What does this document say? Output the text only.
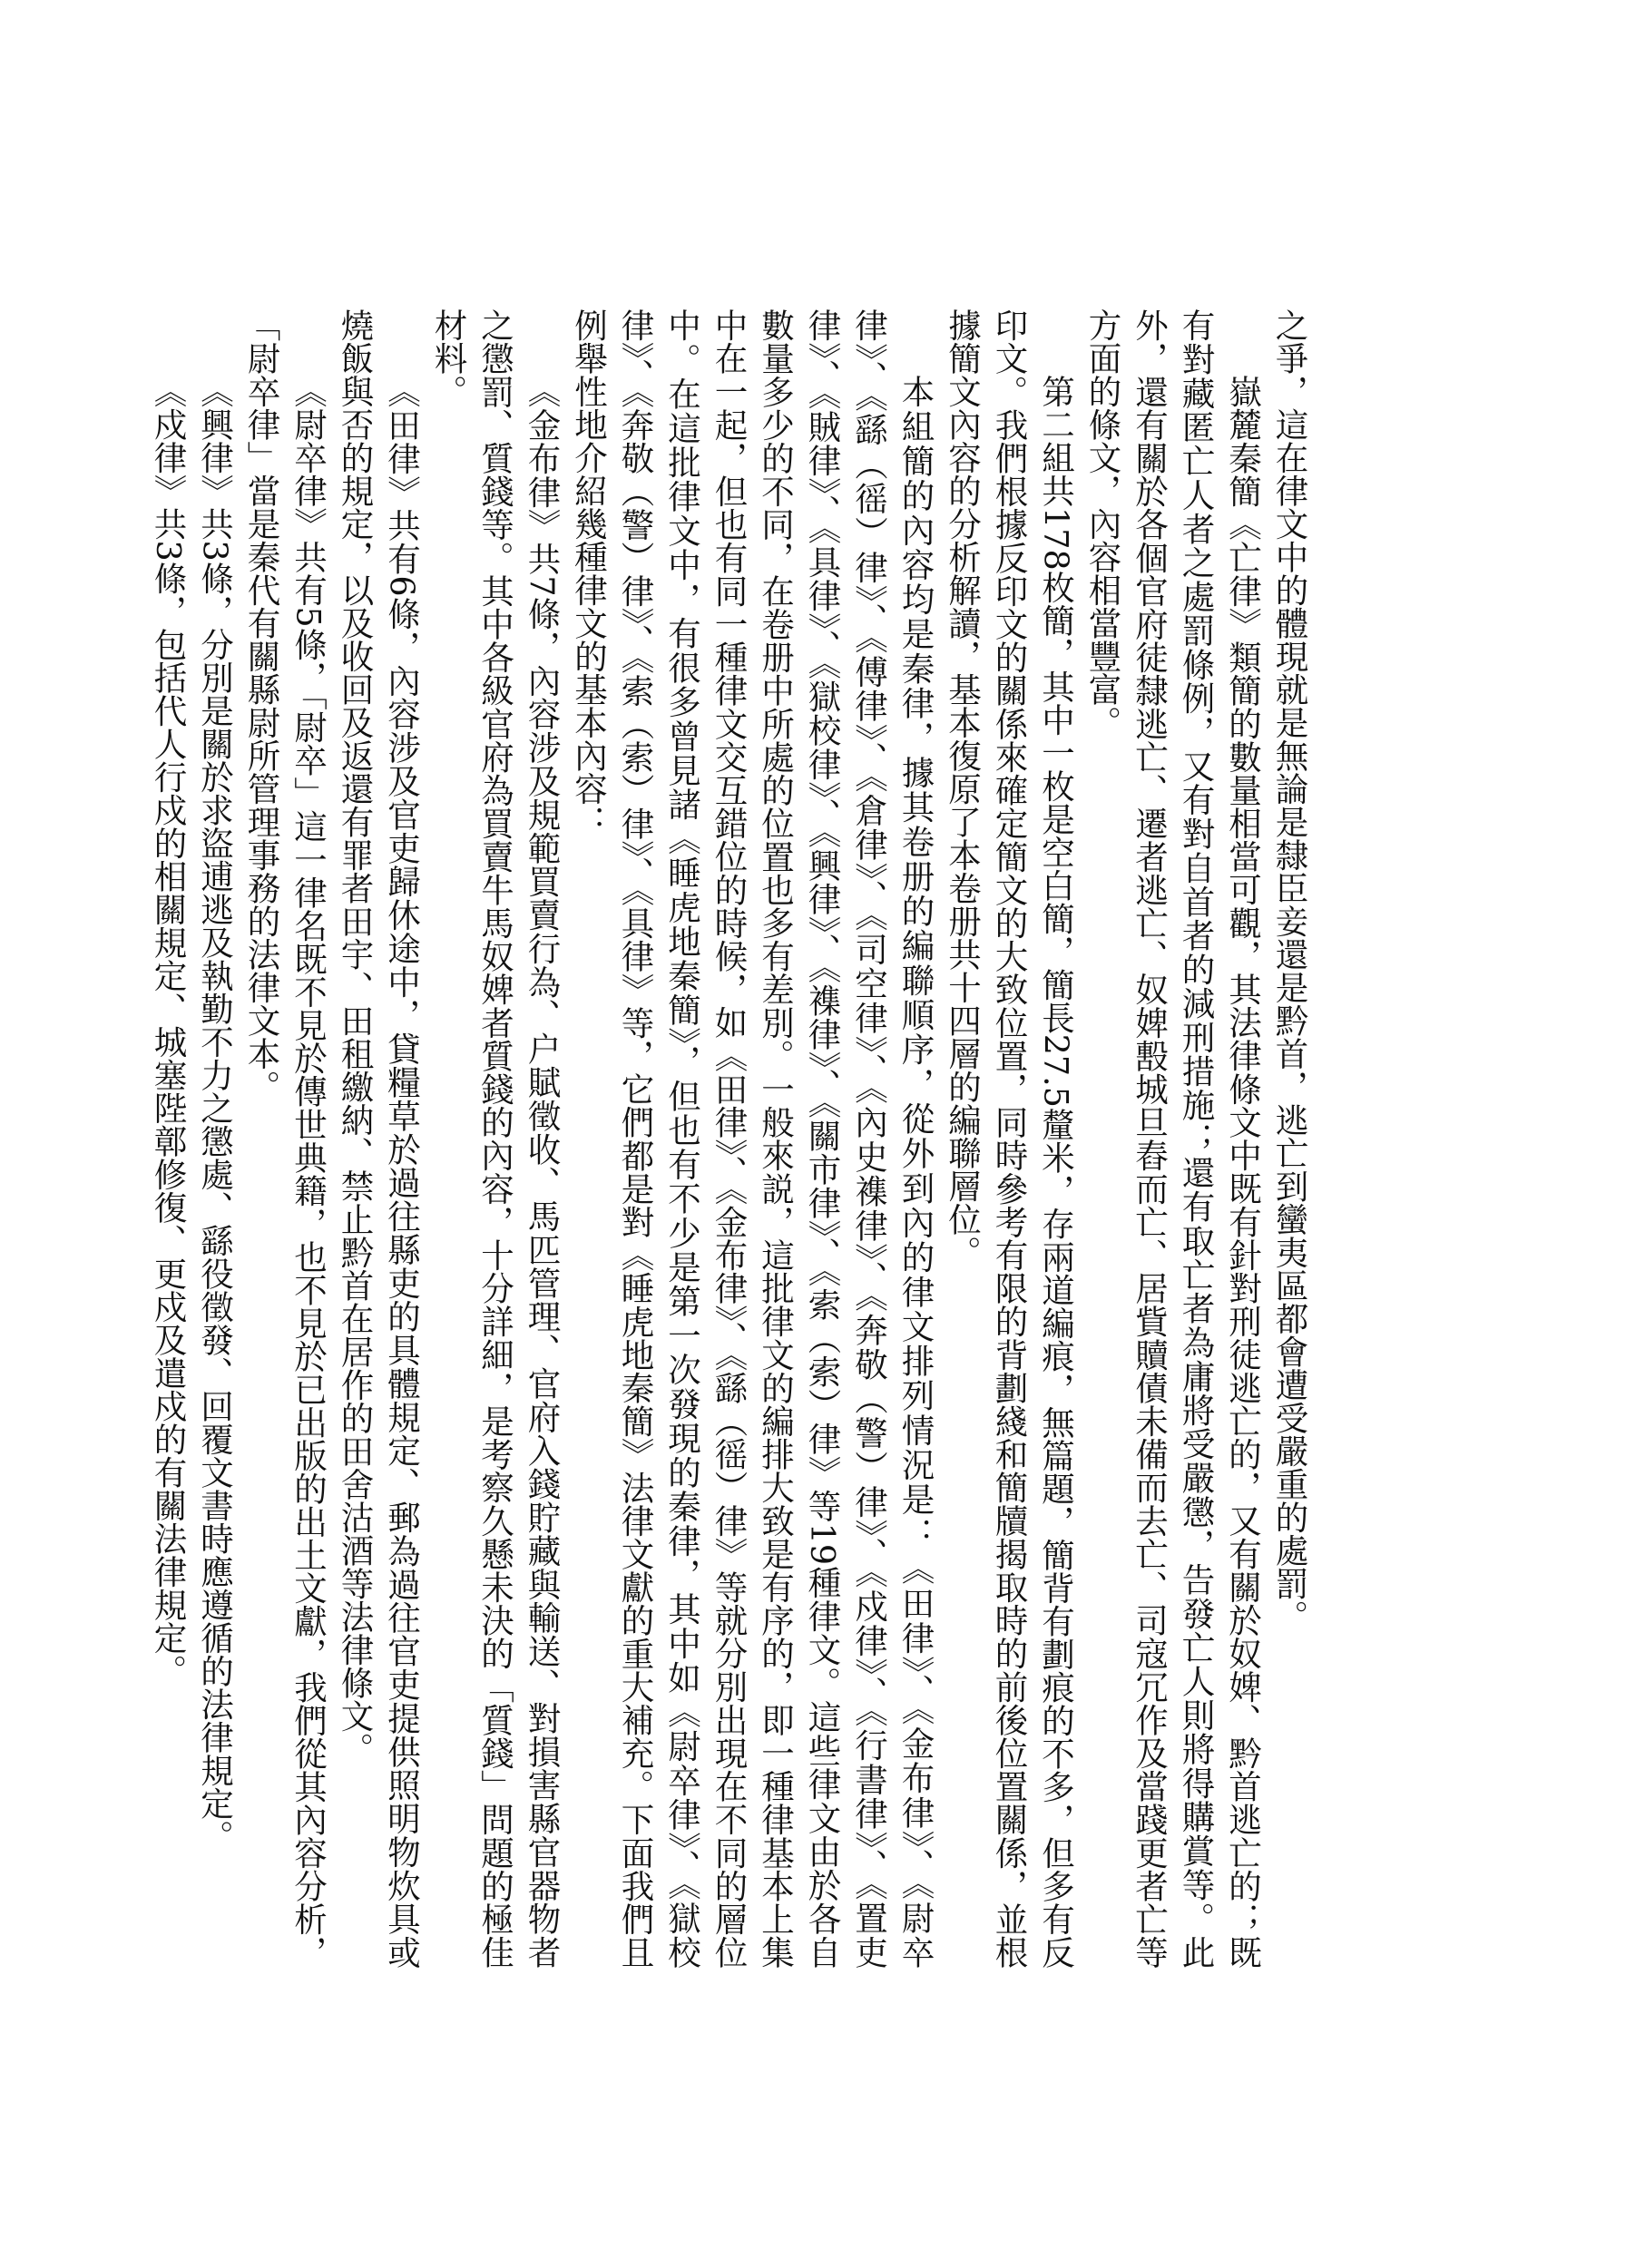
之爭，這在律文中的體現就是無論是隸臣妾還是黔首，逃亡到蠻夷區都會遭受嚴重的處罰。

嶽麓秦簡《亡律》類簡的數量相當可觀，其法律條文中既有針對刑徒逃亡的，又有關於奴婢、黔首逃亡的；既有對藏匿亡人者之處罰條例，又有對自首者的減刑措施；還有取亡者為庸將受嚴懲，告發亡人則將得購賞等。此外，還有關於各個官府徒隸逃亡、遷者逃亡、奴婢毄城旦舂而亡、居貲贖債未備而去亡、司寇冗作及當踐更者亡等方面的條文，內容相當豐富。

第二組共178枚簡，其中一枚是空白簡，簡長27.5釐米，存兩道編痕，無篇題，簡背有劃痕的不多，但多有反印文。我們根據反印文的關係來確定簡文的大致位置，同時參考有限的背劃綫和簡牘揭取時的前後位置關係，並根據簡文內容的分析解讀，基本復原了本卷册共十四層的編聯層位。

本組簡的內容均是秦律，據其卷册的編聯順序，從外到內的律文排列情況是：《田律》、《金布律》、《尉卒律》、《繇（徭）律》、《傅律》、《倉律》、《司空律》、《內史襍律》、《奔敬（警）律》、《戍律》、《行書律》、《置吏律》、《賊律》、《具律》、《獄校律》、《興律》、《襍律》、《關市律》、《索（索）律》等19種律文。這些律文由於各自數量多少的不同，在卷册中所處的位置也多有差別。一般來説，這批律文的編排大致是有序的，即一種律基本上集中在一起，但也有同一種律文交互錯位的時候，如《田律》、《金布律》、《繇（徭）律》等就分別出現在不同的層位中。在這批律文中，有很多曾見諸《睡虎地秦簡》，但也有不少是第一次發現的秦律，其中如《尉卒律》、《獄校律》、《奔敬（警）律》、《索（索）律》、《具律》等，它們都是對《睡虎地秦簡》法律文獻的重大補充。下面我們且例舉性地介紹幾種律文的基本內容：

《金布律》共7條，內容涉及規範買賣行為、户賦徵收、馬匹管理、官府入錢貯藏與輸送、對損害縣官器物者之懲罰、質錢等。其中各級官府為買賣牛馬奴婢者質錢的內容，十分詳細，是考察久懸未決的「質錢」問題的極佳材料。

《田律》共有6條，內容涉及官吏歸休途中，貸糧草於過往縣吏的具體規定、郵為過往官吏提供照明物炊具或燒飯與否的規定，以及收回及返還有罪者田宇、田租繳納、禁止黔首在居作的田舍沽酒等法律條文。

《尉卒律》共有5條，「尉卒」這一律名既不見於傳世典籍，也不見於已出版的出土文獻，我們從其內容分析，「尉卒律」當是秦代有關縣尉所管理事務的法律文本。

《興律》共3條，分別是關於求盜逋逃及執勤不力之懲處、繇役徵發、回覆文書時應遵循的法律規定。

《戍律》共3條，包括代人行戍的相關規定、城塞陛鄣修復、更戍及遣戍的有關法律規定。
